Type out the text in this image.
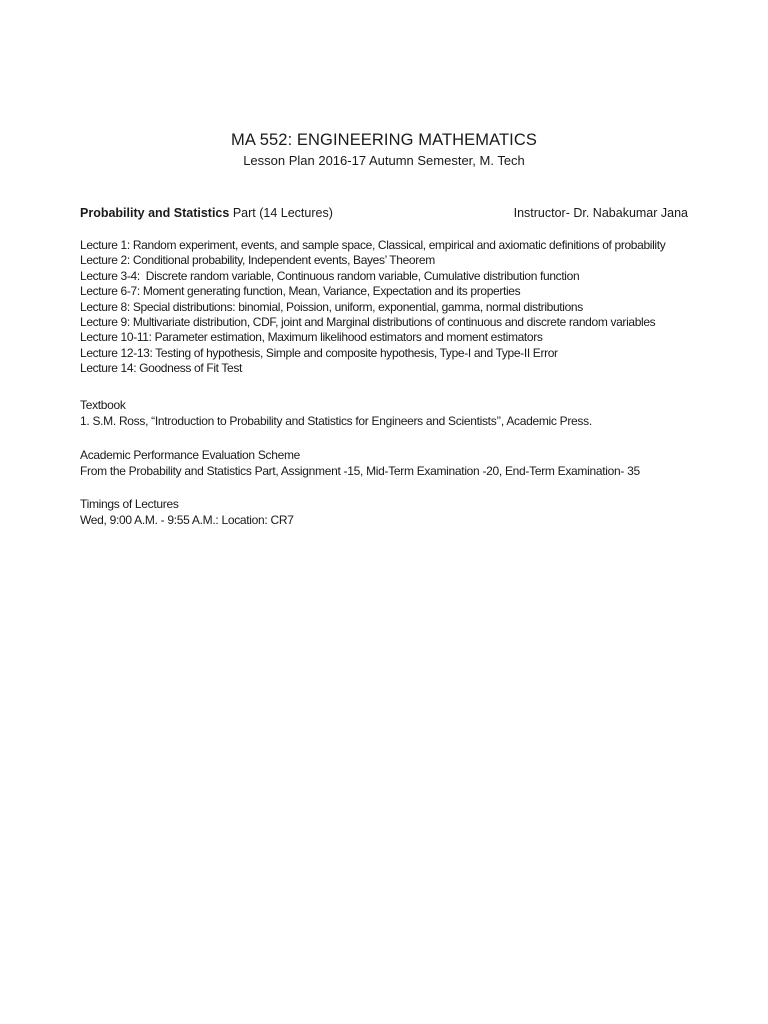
MA 552: ENGINEERING MATHEMATICS
Lesson Plan 2016-17 Autumn Semester, M. Tech
Probability and Statistics Part (14 Lectures)	Instructor- Dr. Nabakumar Jana
Lecture 1: Random experiment, events, and sample space, Classical, empirical and axiomatic definitions of probability
Lecture 2: Conditional probability, Independent events, Bayes’ Theorem
Lecture 3-4:  Discrete random variable, Continuous random variable, Cumulative distribution function
Lecture 6-7: Moment generating function, Mean, Variance, Expectation and its properties
Lecture 8: Special distributions: binomial, Poission, uniform, exponential, gamma, normal distributions
Lecture 9: Multivariate distribution, CDF, joint and Marginal distributions of continuous and discrete random variables
Lecture 10-11: Parameter estimation, Maximum likelihood estimators and moment estimators
Lecture 12-13: Testing of hypothesis, Simple and composite hypothesis, Type-I and Type-II Error
Lecture 14: Goodness of Fit Test
Textbook
1. S.M. Ross, “Introduction to Probability and Statistics for Engineers and Scientists’’, Academic Press.
Academic Performance Evaluation Scheme
From the Probability and Statistics Part, Assignment -15, Mid-Term Examination -20, End-Term Examination- 35
Timings of Lectures
Wed, 9:00 A.M. - 9:55 A.M.: Location: CR7
